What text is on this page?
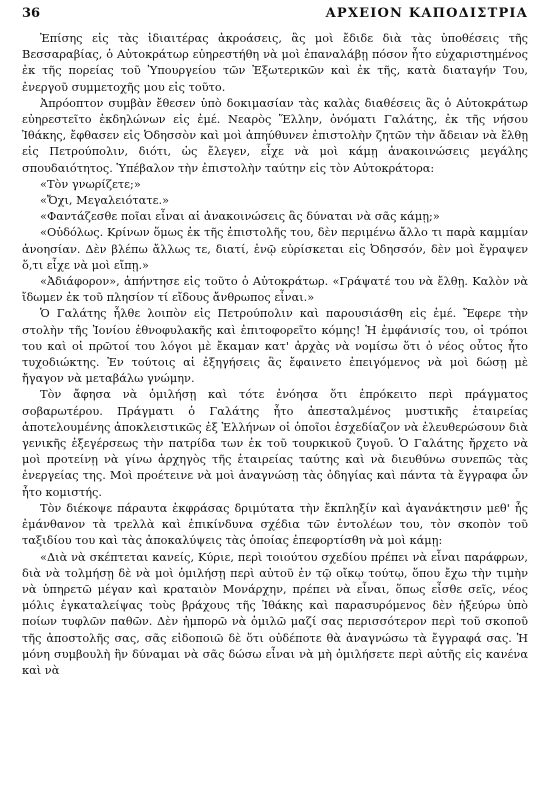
36	ΑΡΧΕΙΟΝ ΚΑΠΟΔΙΣΤΡΙΑ

Ἐπίσης εἰς τὰς ἰδιαιτέρας ἀκροάσεις, ἃς μοὶ ἔδιδε διὰ τὰς ὑποθέσεις τῆς Βεσσαραβίας, ὁ Αὐτοκράτωρ εὐηρεστήθη νὰ μοὶ ἐπαναλάβῃ πόσον ἦτο εὐχαριστημένος ἐκ τῆς πορείας τοῦ Ὑπουργείου τῶν Ἐξωτερικῶν καὶ ἐκ τῆς, κατὰ διαταγήν Του, ἐνεργοῦ συμμετοχῆς μου εἰς τοῦτο.

Ἀπρόοπτον συμβὰν ἔθεσεν ὑπὸ δοκιμασίαν τὰς καλὰς διαθέσεις ἃς ὁ Αὐτοκράτωρ εὐηρεστεῖτο ἐκδηλώνων εἰς ἐμέ. Νεαρὸς Ἕλλην, ὀνόματι Γαλάτης, ἐκ τῆς νήσου Ἰθάκης, ἔφθασεν εἰς Ὀδησσὸν καὶ μοὶ ἀπηύθυνεν ἐπιστολὴν ζητῶν τὴν ἄδειαν νὰ ἔλθῃ εἰς Πετρούπολιν, διότι, ὡς ἔλεγεν, εἶχε νὰ μοὶ κάμῃ ἀνακοινώσεις μεγάλης σπουδαιότητος. Ὑπέβαλον τὴν ἐπιστολὴν ταύτην εἰς τὸν Αὐτοκράτορα:

«Τὸν γνωρίζετε;»

«Ὄχι, Μεγαλειότατε.»

«Φαντάζεσθε ποῖαι εἶναι αἱ ἀνακοινώσεις ἃς δύναται νὰ σᾶς κάμῃ;»

«Οὐδόλως. Κρίνων ὅμως ἐκ τῆς ἐπιστολῆς του, δὲν περιμένω ἄλλο τι παρὰ καμμίαν ἀνοησίαν. Δὲν βλέπω ἄλλως τε, διατί, ἐνῷ εὑρίσκεται εἰς Ὀδησσόν, δὲν μοὶ ἔγραψεν ὅ,τι εἶχε νὰ μοὶ εἴπῃ.»

«Ἀδιάφορον», ἀπήντησε εἰς τοῦτο ὁ Αὐτοκράτωρ. «Γράψατέ του νὰ ἔλθῃ. Καλὸν νὰ ἴδωμεν ἐκ τοῦ πλησίον τί εἴδους ἄνθρωπος εἶναι.»

Ὁ Γαλάτης ἦλθε λοιπὸν εἰς Πετρούπολιν καὶ παρουσιάσθη εἰς ἐμέ. Ἔφερε τὴν στολὴν τῆς Ἰονίου ἐθνοφυλακῆς καὶ ἐπιτοφορεῖτο κόμης! Ἡ ἐμφάνισίς του, οἱ τρόποι του καὶ οἱ πρῶτοί του λόγοι μὲ ἔκαμαν κατ' ἀρχὰς νὰ νομίσω ὅτι ὁ νέος οὗτος ἦτο τυχοδιώκτης. Ἐν τούτοις αἱ ἐξηγήσεις ἃς ἔφαινετο ἐπειγόμενος νὰ μοὶ δώσῃ μὲ ἤγαγον νὰ μεταβάλω γνώμην.

Τὸν ἄφησα νὰ ὁμιλήσῃ καὶ τότε ἐνόησα ὅτι ἐπρόκειτο περὶ πράγματος σοβαρωτέρου. Πράγματι ὁ Γαλάτης ἦτο ἀπεσταλμένος μυστικῆς ἑταιρείας ἀποτελουμένης ἀποκλειστικῶς ἐξ Ἑλλήνων οἱ ὁποῖοι ἐσχεδίαζον νὰ ἐλευθερώσουν διὰ γενικῆς ἐξεγέρσεως τὴν πατρίδα των ἐκ τοῦ τουρκικοῦ ζυγοῦ. Ὁ Γαλάτης ἤρχετο νὰ μοὶ προτείνῃ νὰ γίνω ἀρχηγὸς τῆς ἑταιρείας ταύτης καὶ νὰ διευθύνω συνεπῶς τὰς ἐνεργείας της. Μοὶ προέτεινε νὰ μοὶ ἀναγνώσῃ τὰς ὁδηγίας καὶ πάντα τὰ ἔγγραφα ὧν ἦτο κομιστής.

Τὸν διέκοψε πάραυτα ἐκφράσας δριμύτατα τὴν ἔκπληξίν καὶ ἀγανάκτησιν μεθ' ἧς ἐμάνθανον τὰ τρελλὰ καὶ ἐπικίνδυνα σχέδια τῶν ἐντολέων του, τὸν σκοπὸν τοῦ ταξιδίου του καὶ τὰς ἀποκαλύψεις τὰς ὁποίας ἐπεφορτίσθη νὰ μοὶ κάμῃ:

«Διὰ νὰ σκέπτεται κανείς, Κύριε, περὶ τοιούτου σχεδίου πρέπει νὰ εἶναι παράφρων, διὰ νὰ τολμήσῃ δὲ νὰ μοὶ ὁμιλήσῃ περὶ αὐτοῦ ἐν τῷ οἴκῳ τούτῳ, ὅπου ἔχω τὴν τιμὴν νὰ ὑπηρετῶ μέγαν καὶ κραταιὸν Μονάρχην, πρέπει νὰ εἶναι, ὅπως εἶσθε σεῖς, νέος μόλις ἐγκαταλείψας τοὺς βράχους τῆς Ἰθάκης καὶ παρασυρόμενος δὲν ἠξεύρω ὑπὸ ποίων τυφλῶν παθῶν. Δὲν ἠμπορῶ νὰ ὁμιλῶ μαζί σας περισσότερον περὶ τοῦ σκοποῦ τῆς ἀποστολῆς σας, σᾶς εἰδοποιῶ δὲ ὅτι οὐδέποτε θὰ ἀναγνώσω τὰ ἔγγραφά σας. Ἡ μόνη συμβουλὴ ἣν δύναμαι νὰ σᾶς δώσω εἶναι νὰ μὴ ὁμιλήσετε περὶ αὐτῆς εἰς κανένα καὶ νὰ
